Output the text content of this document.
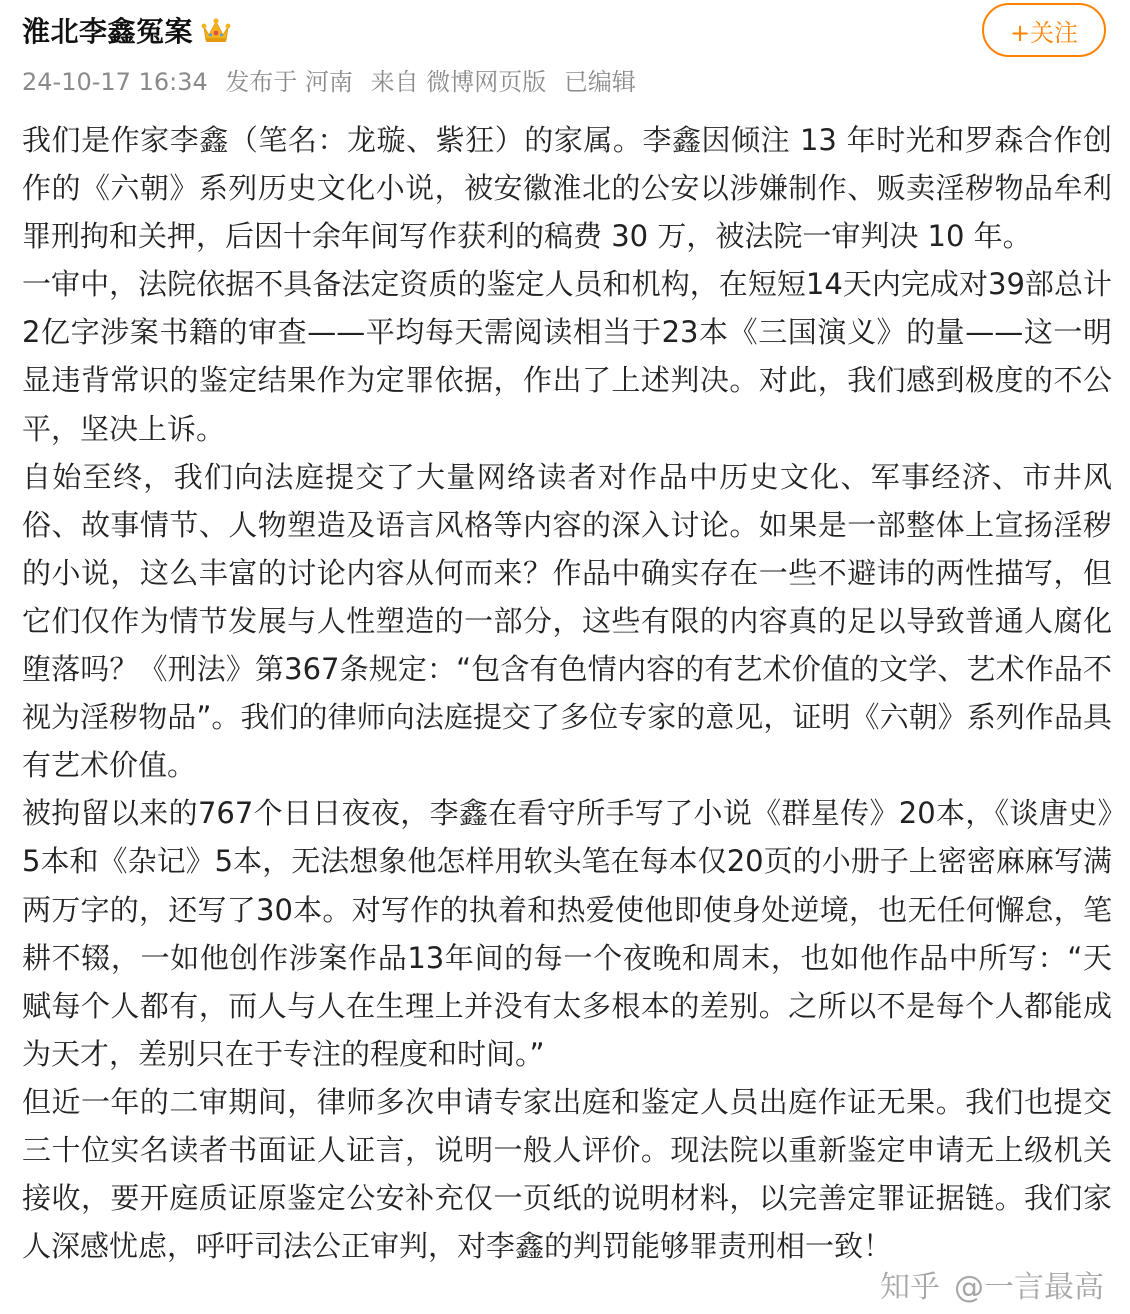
淮北李鑫冤案
24-10-17 16:34 发布于 河南 来自 微博网页版 已编辑
+关注

我们是作家李鑫（笔名：龙璇、紫狂）的家属。李鑫因倾注 13 年时光和罗森合作创作的《六朝》系列历史文化小说，被安徽淮北的公安以涉嫌制作、贩卖淫秽物品牟利罪刑拘和关押，后因十余年间写作获利的稿费 30 万，被法院一审判决 10 年。

一审中，法院依据不具备法定资质的鉴定人员和机构，在短短14天内完成对39部总计2亿字涉案书籍的审查——平均每天需阅读相当于23本《三国演义》的量——这一明显违背常识的鉴定结果作为定罪依据，作出了上述判决。对此，我们感到极度的不公平，坚决上诉。

自始至终，我们向法庭提交了大量网络读者对作品中历史文化、军事经济、市井风俗、故事情节、人物塑造及语言风格等内容的深入讨论。如果是一部整体上宣扬淫秽的小说，这么丰富的讨论内容从何而来？作品中确实存在一些不避讳的两性描写，但它们仅作为情节发展与人性塑造的一部分，这些有限的内容真的足以导致普通人腐化堕落吗？《刑法》第367条规定：“包含有色情内容的有艺术价值的文学、艺术作品不视为淫秽物品”。我们的律师向法庭提交了多位专家的意见，证明《六朝》系列作品具有艺术价值。

被拘留以来的767个日日夜夜，李鑫在看守所手写了小说《群星传》20本，《谈唐史》5本和《杂记》5本，无法想象他怎样用软头笔在每本仅20页的小册子上密密麻麻写满两万字的，还写了30本。对写作的执着和热爱使他即使身处逆境，也无任何懈怠，笔耕不辍，一如他创作涉案作品13年间的每一个夜晚和周末，也如他作品中所写：“天赋每个人都有，而人与人在生理上并没有太多根本的差别。之所以不是每个人都能成为天才，差别只在于专注的程度和时间。”

但近一年的二审期间，律师多次申请专家出庭和鉴定人员出庭作证无果。我们也提交三十位实名读者书面证人证言，说明一般人评价。现法院以重新鉴定申请无上级机关接收，要开庭质证原鉴定公安补充仅一页纸的说明材料，以完善定罪证据链。我们家人深感忧虑，呼吁司法公正审判，对李鑫的判罚能够罪责刑相一致！

知乎 @一言 最高
